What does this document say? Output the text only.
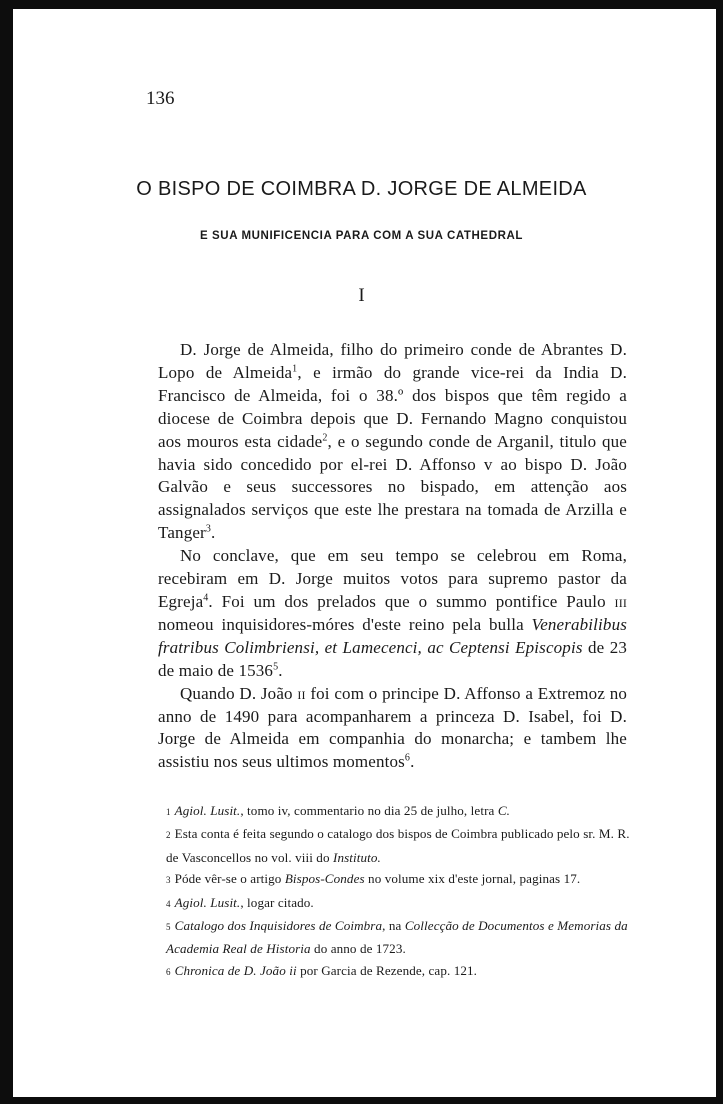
136
O BISPO DE COIMBRA D. JORGE DE ALMEIDA
E SUA MUNIFICENCIA PARA COM A SUA CATHEDRAL
I

D. Jorge de Almeida, filho do primeiro conde de Abrantes D. Lopo de Almeida$^1$, e irmão do grande vice-rei da India D. Francisco de Almeida, foi o 38.º dos bispos que têm regido a diocese de Coimbra depois que D. Fernando Magno conquistou aos mouros esta cidade$^2$, e o segundo conde de Arganil, titulo que havia sido concedido por el-rei D. Affonso v ao bispo D. João Galvão e seus successores no bispado, em attenção aos assignalados serviços que este lhe prestara na tomada de Arzilla e Tanger$^3$.

No conclave, que em seu tempo se celebrou em Roma, recebiram em D. Jorge muitos votos para supremo pastor da Egreja$^4$. Foi um dos prelados que o summo pontifice Paulo iii nomeou inquisidores-móres d'este reino pela bulla Venerabilibus fratribus Colimbriensi, et Lamecenci, ac Ceptensi Episcopis de 23 de maio de 1536$^5$.

Quando D. João ii foi com o principe D. Affonso a Extremoz no anno de 1490 para acompanharem a princeza D. Isabel, foi D. Jorge de Almeida em companhia do monarcha; e tambem lhe assistiu nos seus ultimos momentos$^6$.

1 Agiol. Lusit., tomo iv, commentario no dia 25 de julho, letra C.

2 Esta conta é feita segundo o catalogo dos bispos de Coimbra publicado pelo sr. M. R. de Vasconcellos no vol. viii do Instituto.

3 Póde vêr-se o artigo Bispos-Condes no volume xix d'este jornal, paginas 17.

4 Agiol. Lusit., logar citado.

5 Catalogo dos Inquisidores de Coimbra, na Collecção de Documentos e Memorias da Academia Real de Historia do anno de 1723.

6 Chronica de D. João ii por Garcia de Rezende, cap. 121.
